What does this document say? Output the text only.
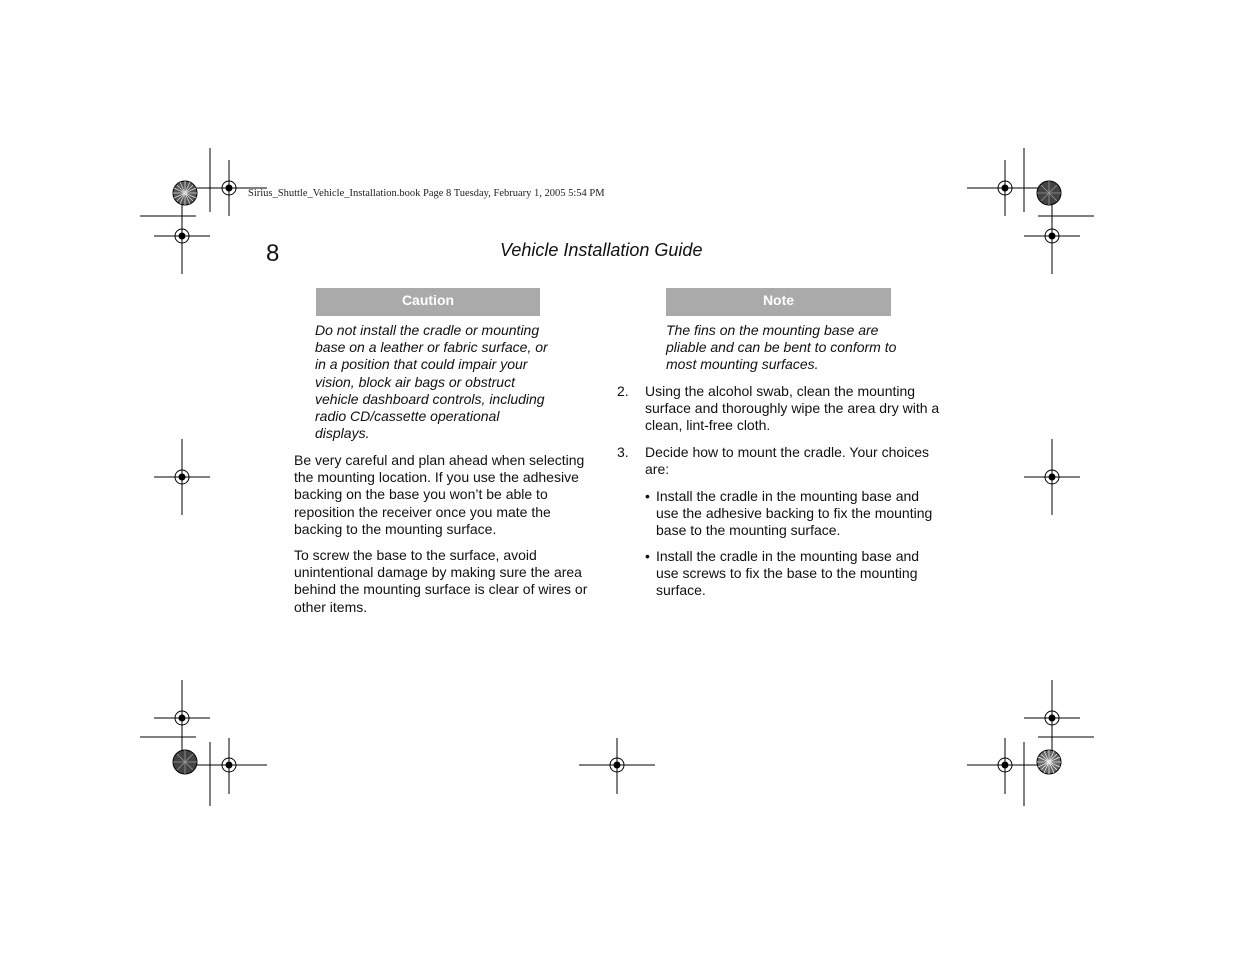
Sirius_Shuttle_Vehicle_Installation.book Page 8 Tuesday, February 1, 2005 5:54 PM
8	Vehicle Installation Guide
Caution
Do not install the cradle or mounting
base on a leather or fabric surface, or
in a position that could impair your
vision, block air bags or obstruct
vehicle dashboard controls, including
radio CD/cassette operational
displays.
Be very careful and plan ahead when selecting
the mounting location. If you use the adhesive
backing on the base you won’t be able to
reposition the receiver once you mate the
backing to the mounting surface.
To screw the base to the surface, avoid
unintentional damage by making sure the area
behind the mounting surface is clear of wires or
other items.
Note
The fins on the mounting base are
pliable and can be bent to conform to
most mounting surfaces.
2.	Using the alcohol swab, clean the mounting
surface and thoroughly wipe the area dry with a
clean, lint-free cloth.
3.	Decide how to mount the cradle. Your choices
are:
• Install the cradle in the mounting base and
use the adhesive backing to fix the mounting
base to the mounting surface.
• Install the cradle in the mounting base and
use screws to fix the base to the mounting
surface.
